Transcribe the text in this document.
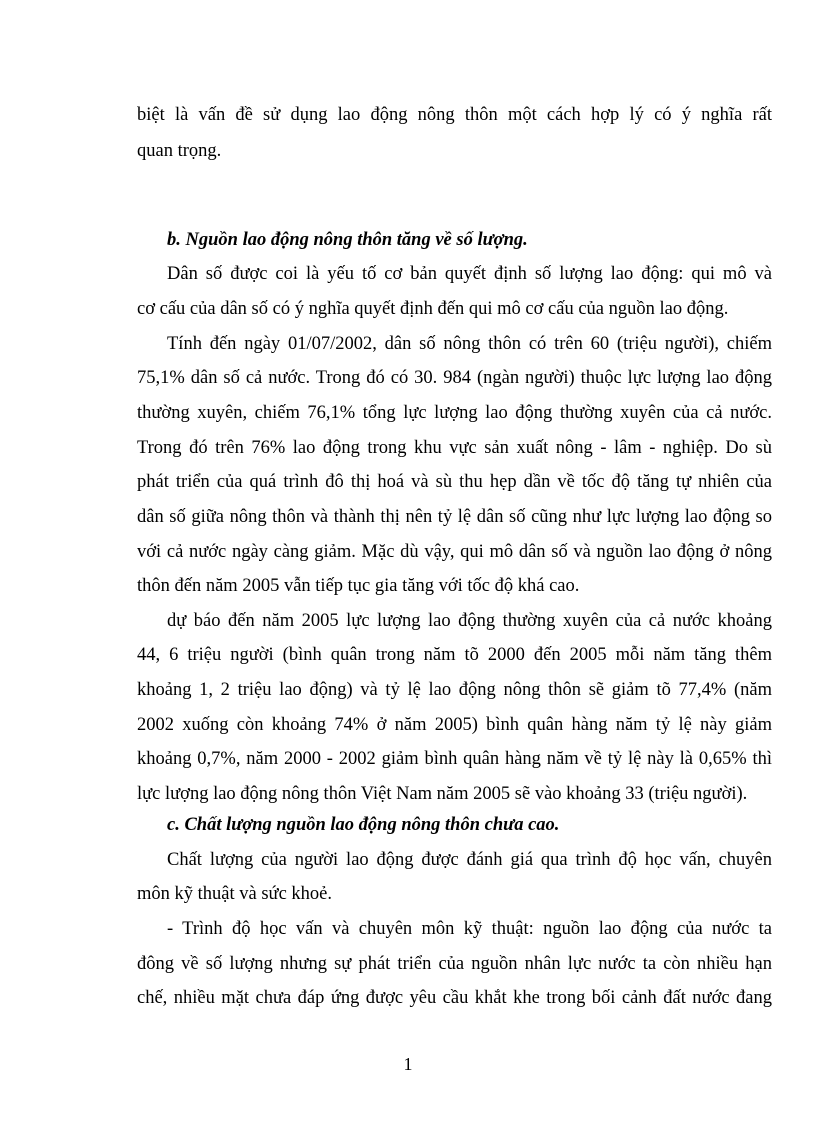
biệt là vấn đề sử dụng lao động nông thôn một cách hợp lý có ý nghĩa rất
quan trọng.
b. Nguồn lao động nông thôn tăng về số lượng.
Dân số được coi là yếu tố cơ bản quyết định số lượng lao động: qui mô và
cơ cấu của dân số có ý nghĩa quyết định đến qui mô cơ cấu của nguồn lao động.
Tính đến ngày 01/07/2002, dân số nông thôn có trên 60 (triệu người), chiếm
75,1% dân số cả nước. Trong đó có 30. 984 (ngàn người) thuộc lực lượng lao động
thường xuyên, chiếm 76,1% tổng lực lượng lao động thường xuyên của cả nước.
Trong đó trên 76% lao động trong khu vực sản xuất nông - lâm - nghiệp. Do sù
phát triển của quá trình đô thị hoá và sù thu hẹp dần về tốc độ tăng tự nhiên của
dân số giữa nông thôn và thành thị nên tỷ lệ dân số cũng như lực lượng lao động so
với cả nước ngày càng giảm. Mặc dù vậy, qui mô dân số và nguồn lao động ở nông
thôn đến năm 2005 vẫn tiếp tục gia tăng với tốc độ khá cao.
dự báo đến năm 2005 lực lượng lao động thường xuyên của cả nước khoảng
44, 6 triệu người (bình quân trong năm tõ 2000 đến 2005 mỗi năm tăng thêm
khoảng 1, 2 triệu lao động) và tỷ lệ lao động nông thôn sẽ giảm tõ 77,4% (năm
2002 xuống còn khoảng 74% ở năm 2005) bình quân hàng năm tỷ lệ này giảm
khoảng 0,7%, năm 2000 - 2002 giảm bình quân hàng năm về tỷ lệ này là 0,65% thì
lực lượng lao động nông thôn Việt Nam năm 2005 sẽ vào khoảng 33 (triệu người).
c. Chất lượng nguồn lao động nông thôn chưa cao.
Chất lượng của người lao động được đánh giá qua trình độ học vấn, chuyên
môn kỹ thuật và sức khoẻ.
- Trình độ học vấn và chuyên môn kỹ thuật: nguồn lao động của nước ta
đông về số lượng nhưng sự phát triển của nguồn nhân lực nước ta còn nhiều hạn
chế, nhiều mặt chưa đáp ứng được yêu cầu khắt khe trong bối cảnh đất nước đang
1
